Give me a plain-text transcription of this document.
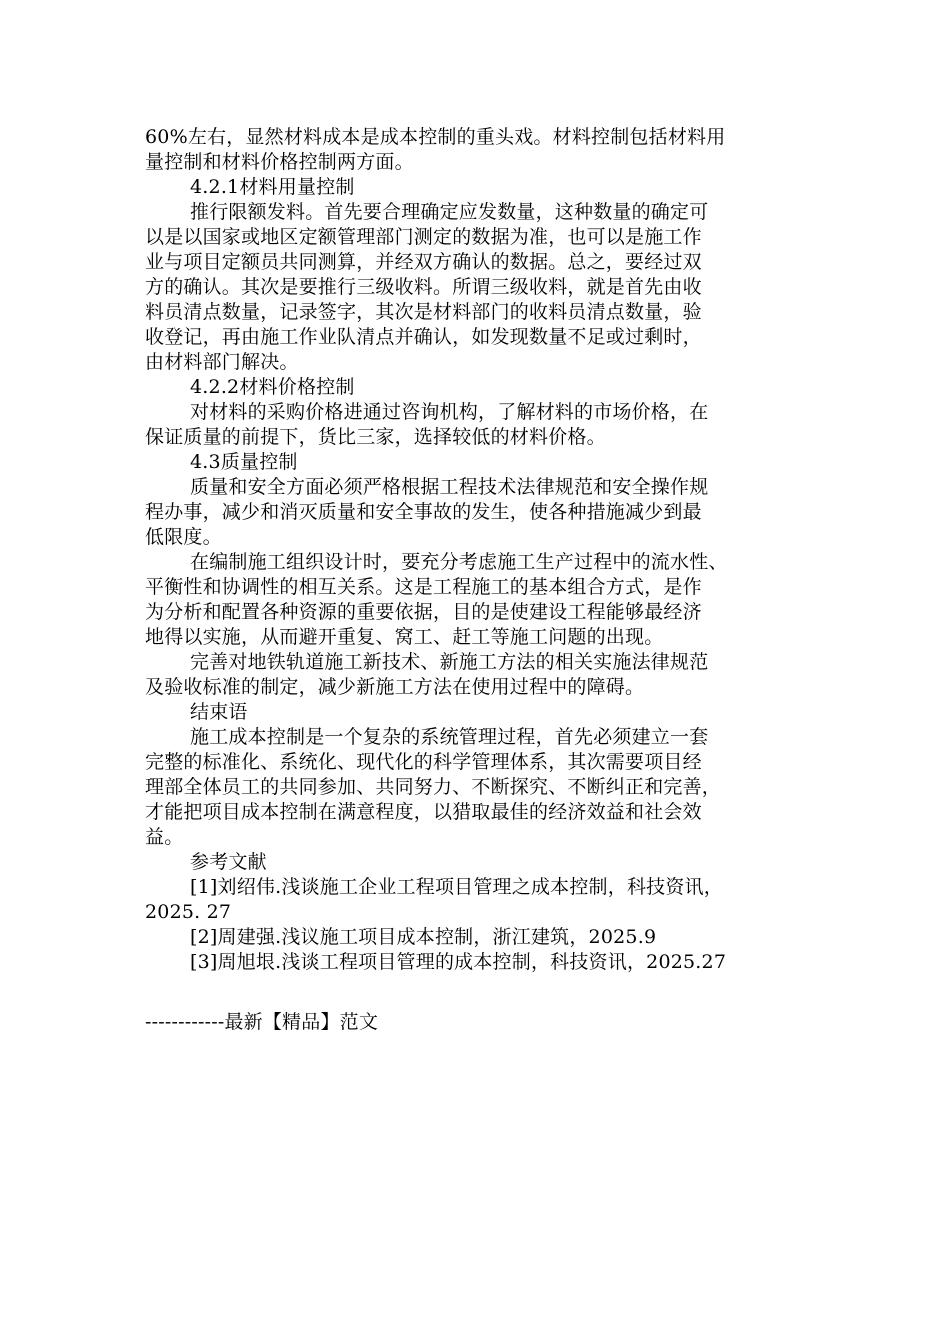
60%左右，显然材料成本是成本控制的重头戏。材料控制包括材料用
量控制和材料价格控制两方面。
4.2.1材料用量控制
推行限额发料。首先要合理确定应发数量，这种数量的确定可
以是以国家或地区定额管理部门测定的数据为准，也可以是施工作
业与项目定额员共同测算，并经双方确认的数据。总之，要经过双
方的确认。其次是要推行三级收料。所谓三级收料，就是首先由收
料员清点数量，记录签字，其次是材料部门的收料员清点数量，验
收登记，再由施工作业队清点并确认，如发现数量不足或过剩时，
由材料部门解决。
4.2.2材料价格控制
对材料的采购价格进通过咨询机构，了解材料的市场价格，在
保证质量的前提下，货比三家，选择较低的材料价格。
4.3质量控制
质量和安全方面必须严格根据工程技术法律规范和安全操作规
程办事，减少和消灭质量和安全事故的发生，使各种措施减少到最
低限度。
在编制施工组织设计时，要充分考虑施工生产过程中的流水性、
平衡性和协调性的相互关系。这是工程施工的基本组合方式，是作
为分析和配置各种资源的重要依据，目的是使建设工程能够最经济
地得以实施，从而避开重复、窝工、赶工等施工问题的出现。
完善对地铁轨道施工新技术、新施工方法的相关实施法律规范
及验收标准的制定，减少新施工方法在使用过程中的障碍。
结束语
施工成本控制是一个复杂的系统管理过程，首先必须建立一套
完整的标准化、系统化、现代化的科学管理体系，其次需要项目经
理部全体员工的共同参加、共同努力、不断探究、不断纠正和完善，
才能把项目成本控制在满意程度，以猎取最佳的经济效益和社会效
益。
参考文献
[1]刘绍伟.浅谈施工企业工程项目管理之成本控制，科技资讯，
2025. 27
[2]周建强.浅议施工项目成本控制，浙江建筑，2025.9
[3]周旭垠.浅谈工程项目管理的成本控制，科技资讯，2025.27
------------最新【精品】范文
